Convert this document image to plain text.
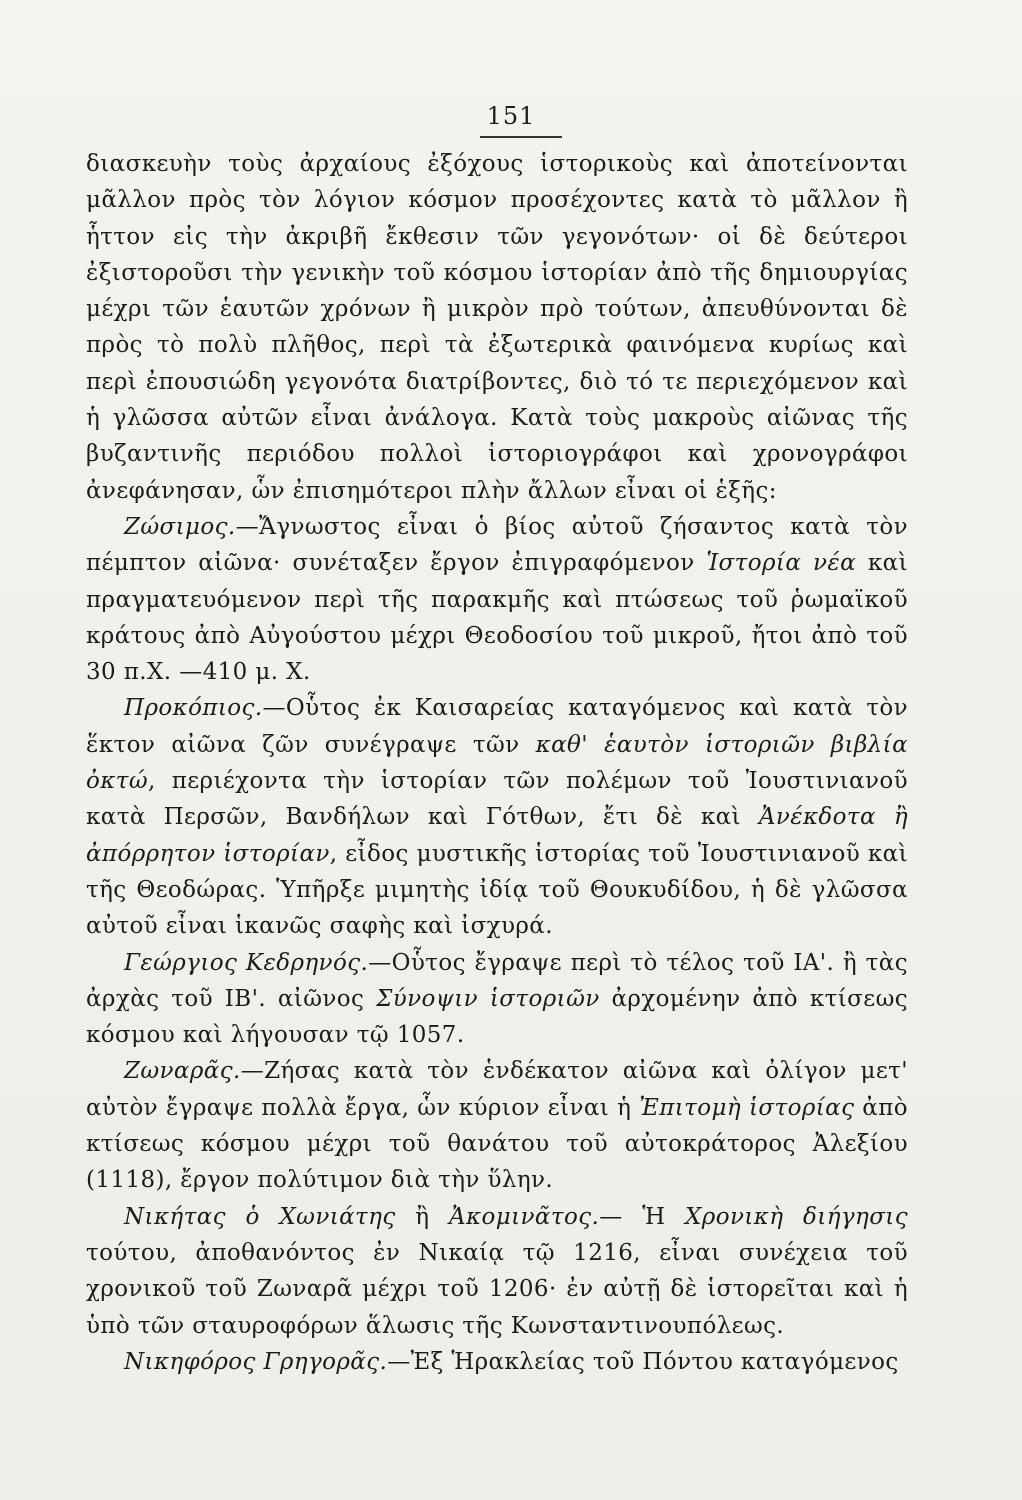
151

διασκευὴν τοὺς ἀρχαίους ἐξόχους ἱστορικοὺς καὶ ἀποτείνονται μᾶλλον πρὸς τὸν λόγιον κόσμον προσέχοντες κατὰ τὸ μᾶλλον ἢ ἧττον εἰς τὴν ἀκριβῆ ἔκθεσιν τῶν γεγονότων· οἱ δὲ δεύτεροι ἐξιστοροῦσι τὴν γενικὴν τοῦ κόσμου ἱστορίαν ἀπὸ τῆς δημιουργίας μέχρι τῶν ἑαυτῶν χρόνων ἢ μικρὸν πρὸ τούτων, ἀπευθύνονται δὲ πρὸς τὸ πολὺ πλῆθος, περὶ τὰ ἐξωτερικὰ φαινόμενα κυρίως καὶ περὶ ἐπουσιώδη γεγονότα διατρίβοντες, διὸ τό τε περιεχόμενον καὶ ἡ γλῶσσα αὐτῶν εἶναι ἀνάλογα. Κατὰ τοὺς μακροὺς αἰῶνας τῆς βυζαντινῆς περιόδου πολλοὶ ἱστοριογράφοι καὶ χρονογράφοι ἀνεφάνησαν, ὧν ἐπισημότεροι πλὴν ἄλλων εἶναι οἱ ἑξῆς:

Ζώσιμος.—Ἄγνωστος εἶναι ὁ βίος αὐτοῦ ζήσαντος κατὰ τὸν πέμπτον αἰῶνα· συνέταξεν ἔργον ἐπιγραφόμενον Ἱστορία νέα καὶ πραγματευόμενον περὶ τῆς παρακμῆς καὶ πτώσεως τοῦ ῥωμαϊκοῦ κράτους ἀπὸ Αὐγούστου μέχρι Θεοδοσίου τοῦ μικροῦ, ἤτοι ἀπὸ τοῦ 30 π.Χ. —410 μ. Χ.

Προκόπιος.—Οὗτος ἐκ Καισαρείας καταγόμενος καὶ κατὰ τὸν ἕκτον αἰῶνα ζῶν συνέγραψε τῶν καθ' ἑαυτὸν ἱστοριῶν βιβλία ὀκτώ, περιέχοντα τὴν ἱστορίαν τῶν πολέμων τοῦ Ἰουστινιανοῦ κατὰ Περσῶν, Βανδήλων καὶ Γότθων, ἔτι δὲ καὶ Ἀνέκδοτα ἢ ἀπόρρητον ἱστορίαν, εἶδος μυστικῆς ἱστορίας τοῦ Ἰουστινιανοῦ καὶ τῆς Θεοδώρας. Ὑπῆρξε μιμητὴς ἰδίᾳ τοῦ Θουκυδίδου, ἡ δὲ γλῶσσα αὐτοῦ εἶναι ἱκανῶς σαφὴς καὶ ἰσχυρά.

Γεώργιος Κεδρηνός.—Οὗτος ἔγραψε περὶ τὸ τέλος τοῦ ΙΑ'. ἢ τὰς ἀρχὰς τοῦ ΙΒ'. αἰῶνος Σύνοψιν ἱστοριῶν ἀρχομένην ἀπὸ κτίσεως κόσμου καὶ λήγουσαν τῷ 1057.

Ζωναρᾶς.—Ζήσας κατὰ τὸν ἑνδέκατον αἰῶνα καὶ ὀλίγον μετ' αὐτὸν ἔγραψε πολλὰ ἔργα, ὧν κύριον εἶναι ἡ Ἐπιτομὴ ἱστορίας ἀπὸ κτίσεως κόσμου μέχρι τοῦ θανάτου τοῦ αὐτοκράτορος Ἀλεξίου (1118), ἔργον πολύτιμον διὰ τὴν ὕλην.

Νικήτας ὁ Χωνιάτης ἢ Ἀκομινᾶτος.— Ἡ Χρονικὴ διήγησις τούτου, ἀποθανόντος ἐν Νικαίᾳ τῷ 1216, εἶναι συνέχεια τοῦ χρονικοῦ τοῦ Ζωναρᾶ μέχρι τοῦ 1206· ἐν αὐτῇ δὲ ἱστορεῖται καὶ ἡ ὑπὸ τῶν σταυροφόρων ἅλωσις τῆς Κωνσταντινουπόλεως.

Νικηφόρος Γρηγορᾶς.—Ἐξ Ἡρακλείας τοῦ Πόντου καταγόμενος
